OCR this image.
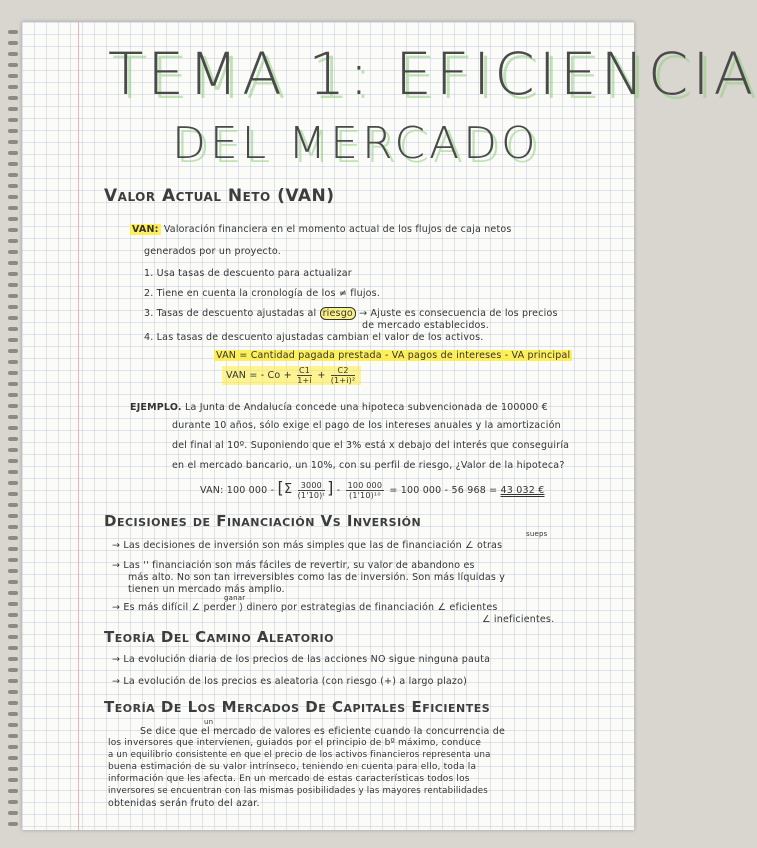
TEMA 1: EFICIENCIA
DEL MERCADO
Valor Actual Neto (VAN)
VAN: Valoración financiera en el momento actual de los flujos de caja netos
generados por un proyecto.
1. Usa tasas de descuento para actualizar
2. Tiene en cuenta la cronología de los ≠ flujos.
3. Tasas de descuento ajustadas al riesgo → Ajuste es consecuencia de los precios
de mercado establecidos.
4. Las tasas de descuento ajustadas cambian el valor de los activos.
VAN = Cantidad pagada prestada - VA pagos de intereses - VA principal
VAN = - $Co + \frac{C1}{1+i} + \frac{C2}{\text{(1+i)²}}$
EJEMPLO. La Junta de Andalucía concede una hipoteca subvencionada de 100000 €
durante 10 años, sólo exige el pago de los intereses anuales y la amortización
del final al 10º. Suponiendo que el 3% está x debajo del interés que conseguiría
en el mercado bancario, un 10%, con su perfil de riesgo, ¿Valor de la hipoteca?
VAN: 100 $000 - [\Sigma \frac{3000}{\text{(1'10)ᵗ}}$ ] - $\frac{100 000}{\text{(1'10)¹⁰}} = 100$ 000 - 56 968 = 43 032 €
Decisiones de Financiación Vs Inversión
sueps
→ Las decisiones de inversión son más simples que las de financiación ∠ otras
→ Las '' financiación son más fáciles de revertir, su valor de abandono es
más alto. No son tan irreversibles como las de inversión. Son más líquidas y
tienen un mercado más amplio.
ganar
→ Es más difícil ∠ perder ⟩ dinero por estrategias de financiación ∠ eficientes
∠ ineficientes.
Teoría Del Camino Aleatorio
→ La evolución diaria de los precios de las acciones NO sigue ninguna pauta
→ La evolución de los precios es aleatoria (con riesgo (+) a largo plazo)
Teoría De Los Mercados De Capitales Eficientes
un
Se dice que el mercado de valores es eficiente cuando la concurrencia de
los inversores que intervienen, guiados por el principio de bº máximo, conduce
a un equilibrio consistente en que el precio de los activos financieros representa una
buena estimación de su valor intrínseco, teniendo en cuenta para ello, toda la
información que les afecta. En un mercado de estas características todos los
inversores se encuentran con las mismas posibilidades y las mayores rentabilidades
obtenidas serán fruto del azar.
